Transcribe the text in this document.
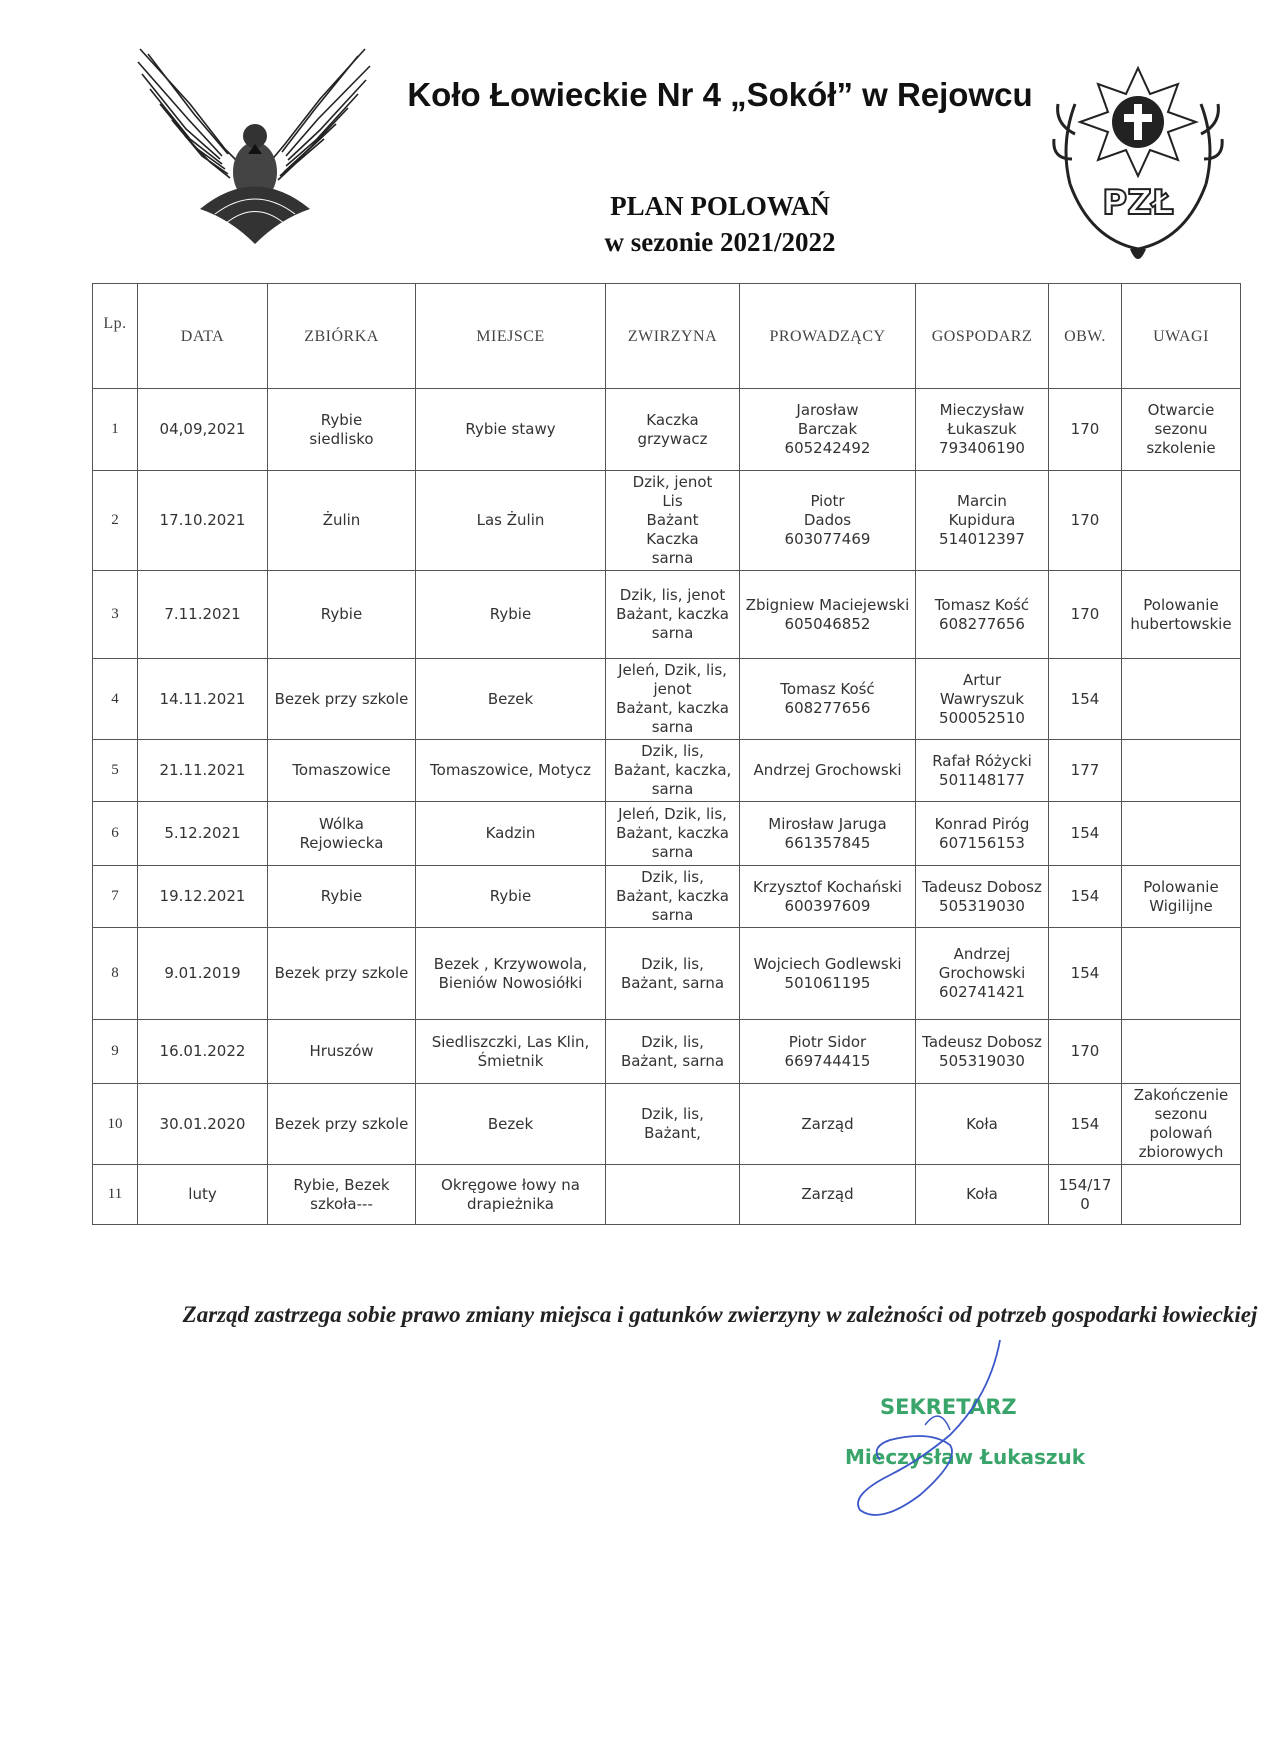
PZŁ
Koło Łowieckie Nr 4 „Sokół” w Rejowcu
PLAN POLOWAŃ
w sezonie 2021/2022
Lp.	DATA	ZBIÓRKA	MIEJSCE	ZWIRZYNA	PROWADZĄCY	GOSPODARZ	OBW.	UWAGI
1	04,09,2021	Rybie
siedlisko	Rybie stawy	Kaczka
grzywacz	Jarosław
Barczak
605242492	Mieczysław
Łukaszuk
793406190	170	Otwarcie
sezonu
szkolenie
2	17.10.2021	Żulin	Las Żulin	Dzik, jenot
Lis
Bażant
Kaczka
sarna	Piotr
Dados
603077469	Marcin
Kupidura
514012397	170	
3	7.11.2021	Rybie	Rybie	Dzik, lis, jenot
Bażant, kaczka
sarna	Zbigniew Maciejewski
605046852	Tomasz Kość
608277656	170	Polowanie
hubertowskie
4	14.11.2021	Bezek przy szkole	Bezek	Jeleń, Dzik, lis,
jenot
Bażant, kaczka
sarna	Tomasz Kość
608277656	Artur
Wawryszuk
500052510	154	
5	21.11.2021	Tomaszowice	Tomaszowice, Motycz	Dzik, lis,
Bażant, kaczka,
sarna	Andrzej Grochowski	Rafał Różycki
501148177	177	
6	5.12.2021	Wólka
Rejowiecka	Kadzin	Jeleń, Dzik, lis,
Bażant, kaczka
sarna	Mirosław Jaruga
661357845	Konrad Piróg
607156153	154	
7	19.12.2021	Rybie	Rybie	Dzik, lis,
Bażant, kaczka
sarna	Krzysztof Kochański
600397609	Tadeusz Dobosz
505319030	154	Polowanie
Wigilijne
8	9.01.2019	Bezek przy szkole	Bezek , Krzywowola,
Bieniów Nowosiółki	Dzik, lis,
Bażant, sarna	Wojciech Godlewski
501061195	Andrzej
Grochowski
602741421	154	
9	16.01.2022	Hruszów	Siedliszczki, Las Klin,
Śmietnik	Dzik, lis,
Bażant, sarna	Piotr Sidor
669744415	Tadeusz Dobosz
505319030	170	
10	30.01.2020	Bezek przy szkole	Bezek	Dzik, lis,
Bażant,	Zarząd	Koła	154	Zakończenie
sezonu
polowań
zbiorowych
11	luty	Rybie, Bezek
szkoła---	Okręgowe łowy na
drapieżnika		Zarząd	Koła	154/17
0	

Zarząd zastrzega sobie prawo zmiany miejsca i gatunków zwierzyny w zależności od potrzeb gospodarki łowieckiej

SEKRETARZ
Mieczysław Łukaszuk
